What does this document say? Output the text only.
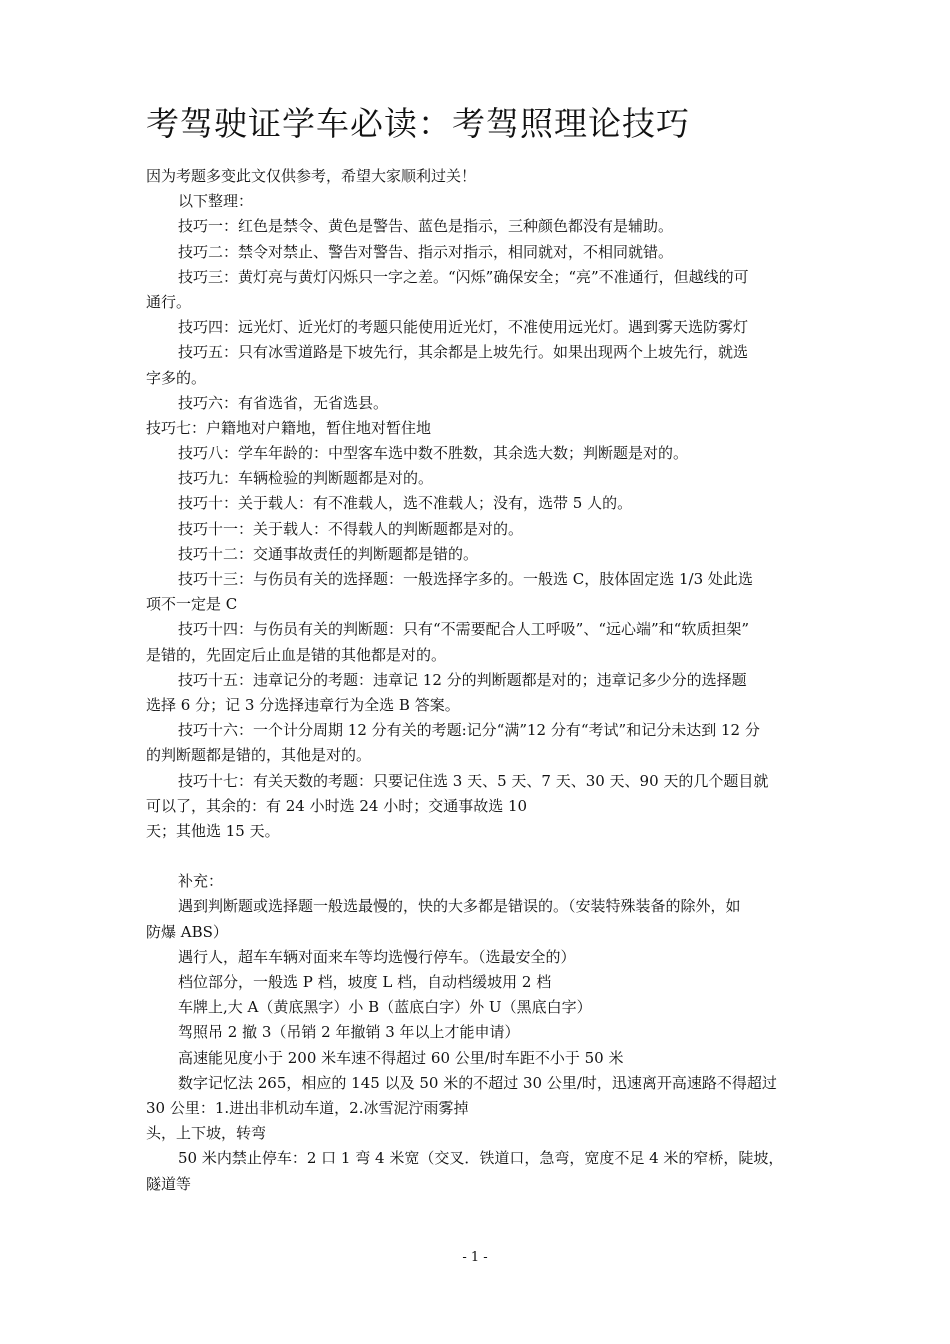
考驾驶证学车必读：考驾照理论技巧
因为考题多变此文仅供参考，希望大家顺利过关！
以下整理：
技巧一：红色是禁令、黄色是警告、蓝色是指示，三种颜色都没有是辅助。
技巧二：禁令对禁止、警告对警告、指示对指示，相同就对，不相同就错。
技巧三：黄灯亮与黄灯闪烁只一字之差。“闪烁”确保安全；“亮”不准通行，但越线的可
通行。
技巧四：远光灯、近光灯的考题只能使用近光灯，不准使用远光灯。遇到雾天选防雾灯
技巧五：只有冰雪道路是下坡先行，其余都是上坡先行。如果出现两个上坡先行，就选
字多的。
技巧六：有省选省，无省选县。
技巧七：户籍地对户籍地，暂住地对暂住地
技巧八：学车年龄的：中型客车选中数不胜数，其余选大数；判断题是对的。
技巧九：车辆检验的判断题都是对的。
技巧十：关于载人：有不准载人，选不准载人；没有，选带 5 人的。
技巧十一：关于载人：不得载人的判断题都是对的。
技巧十二：交通事故责任的判断题都是错的。
技巧十三：与伤员有关的选择题：一般选择字多的。一般选 C，肢体固定选 1/3 处此选
项不一定是 C
技巧十四：与伤员有关的判断题：只有“不需要配合人工呼吸”、“远心端”和“软质担架”
是错的，先固定后止血是错的其他都是对的。
技巧十五：违章记分的考题：违章记 12 分的判断题都是对的；违章记多少分的选择题
选择 6 分；记 3 分选择违章行为全选 B 答案。
技巧十六：一个计分周期 12 分有关的考题:记分“满”12 分有“考试”和记分未达到 12 分
的判断题都是错的，其他是对的。
技巧十七：有关天数的考题：只要记住选 3 天、5 天、7 天、30 天、90 天的几个题目就
可以了，其余的：有 24 小时选 24 小时；交通事故选 10
天；其他选 15 天。
补充：
遇到判断题或选择题一般选最慢的，快的大多都是错误的。（安装特殊装备的除外，如
防爆 ABS）
遇行人，超车车辆对面来车等均选慢行停车。（选最安全的）
档位部分，一般选 P 档，坡度 L 档，自动档缓坡用 2 档
车牌上,大 A（黄底黑字）小 B（蓝底白字）外 U（黑底白字）
驾照吊 2 撤 3（吊销 2 年撤销 3 年以上才能申请）
高速能见度小于 200 米车速不得超过 60 公里/时车距不小于 50 米
数字记忆法 265，相应的 145 以及 50 米的不超过 30 公里/时，迅速离开高速路不得超过
30 公里：1.进出非机动车道，2.冰雪泥泞雨雾掉
头，上下坡，转弯
50 米内禁止停车：2 口 1 弯 4 米宽（交叉．铁道口，急弯，宽度不足 4 米的窄桥，陡坡，
隧道等
- 1 -
